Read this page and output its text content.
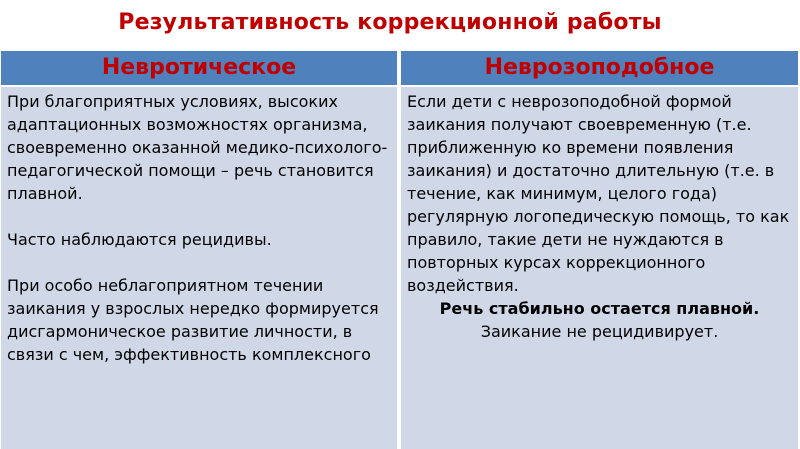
Результативность коррекционной работы
Невротическое	Неврозоподобное

При благоприятных условиях, высоких адаптационных возможностях организма, своевременно оказанной медико-психолого-педагогической помощи – речь становится плавной.

Часто наблюдаются рецидивы.

При особо неблагоприятном течении заикания у взрослых нередко формируется дисгармоническое развитие личности, в связи с чем, эффективность комплексного

Если дети с неврозоподобной формой заикания получают своевременную (т.е. приближенную ко времени появления заикания) и достаточно длительную (т.е. в течение, как минимум, целого года) регулярную логопедическую помощь, то как правило, такие дети не нуждаются в повторных курсах коррекционного воздействия.

Речь стабильно остается плавной.

Заикание не рецидивирует.
